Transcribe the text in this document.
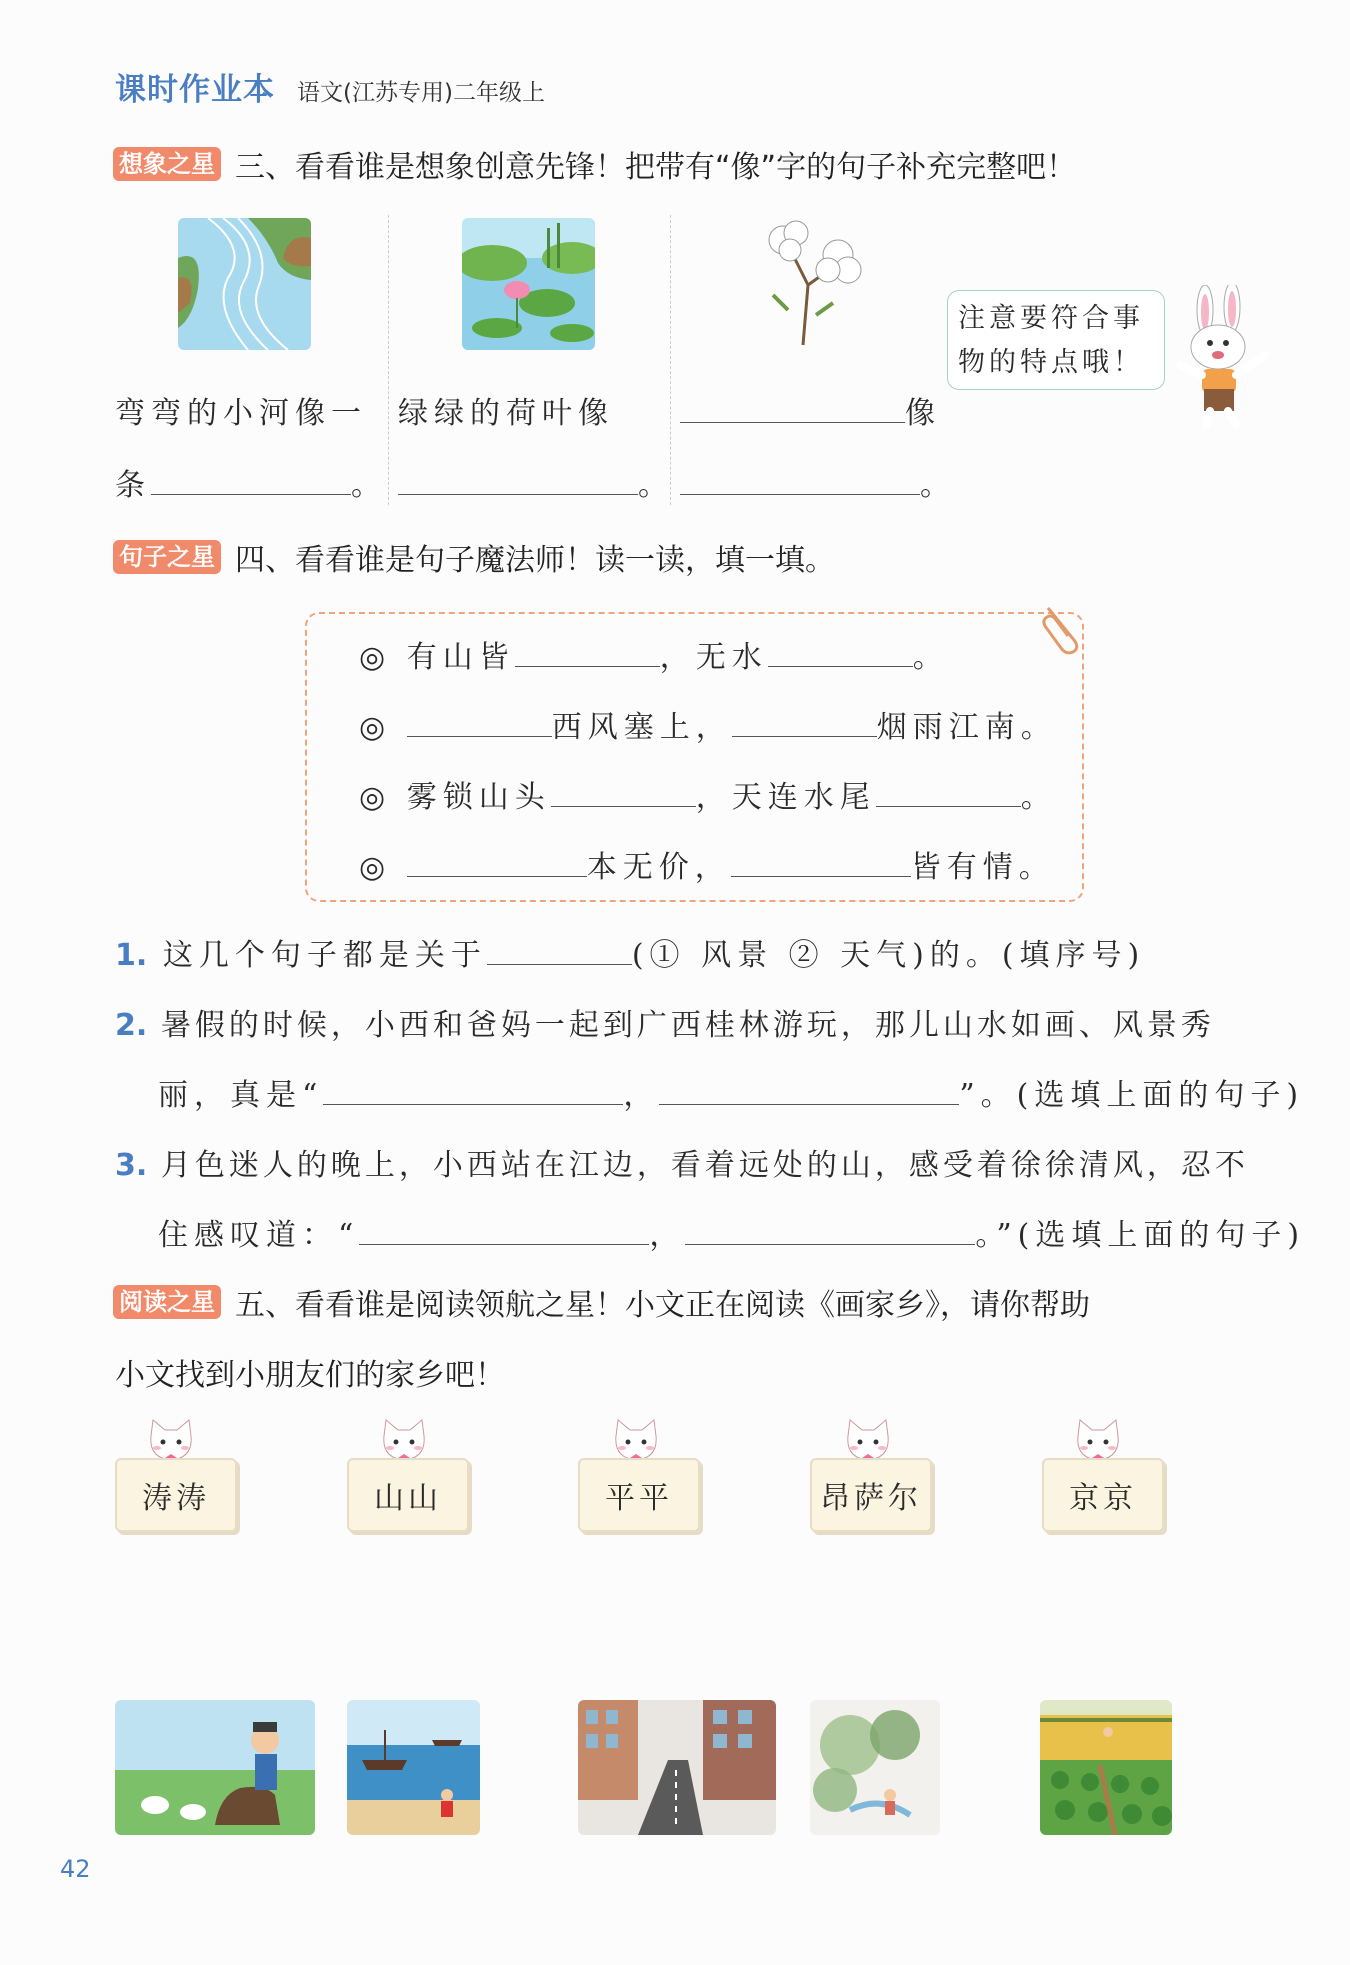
课时作业本 语文(江苏专用)二年级上
想象之星 三、看看谁是想象创意先锋！把带有“像”字的句子补充完整吧！
弯弯的小河像一
条	。
绿绿的荷叶像
。
像
。
注意要符合事
物的特点哦！
句子之星 四、看看谁是句子魔法师！读一读，填一填。
◎ 有山皆	，无水	。
◎	西风塞上，	烟雨江南。
◎ 雾锁山头	，天连水尾	。
◎	本无价，	皆有情。
1. 这几个句子都是关于	(① 风景 ② 天气)的。(填序号)
2. 暑假的时候，小西和爸妈一起到广西桂林游玩，那儿山水如画、风景秀
丽，真是“	，	”。(选填上面的句子)
3. 月色迷人的晚上，小西站在江边，看着远处的山，感受着徐徐清风，忍不
住感叹道：“	，	。”(选填上面的句子)
阅读之星 五、看看谁是阅读领航之星！小文正在阅读《画家乡》，请你帮助
小文找到小朋友们的家乡吧！
涛涛	山山	平平	昂萨尔	京京
42
